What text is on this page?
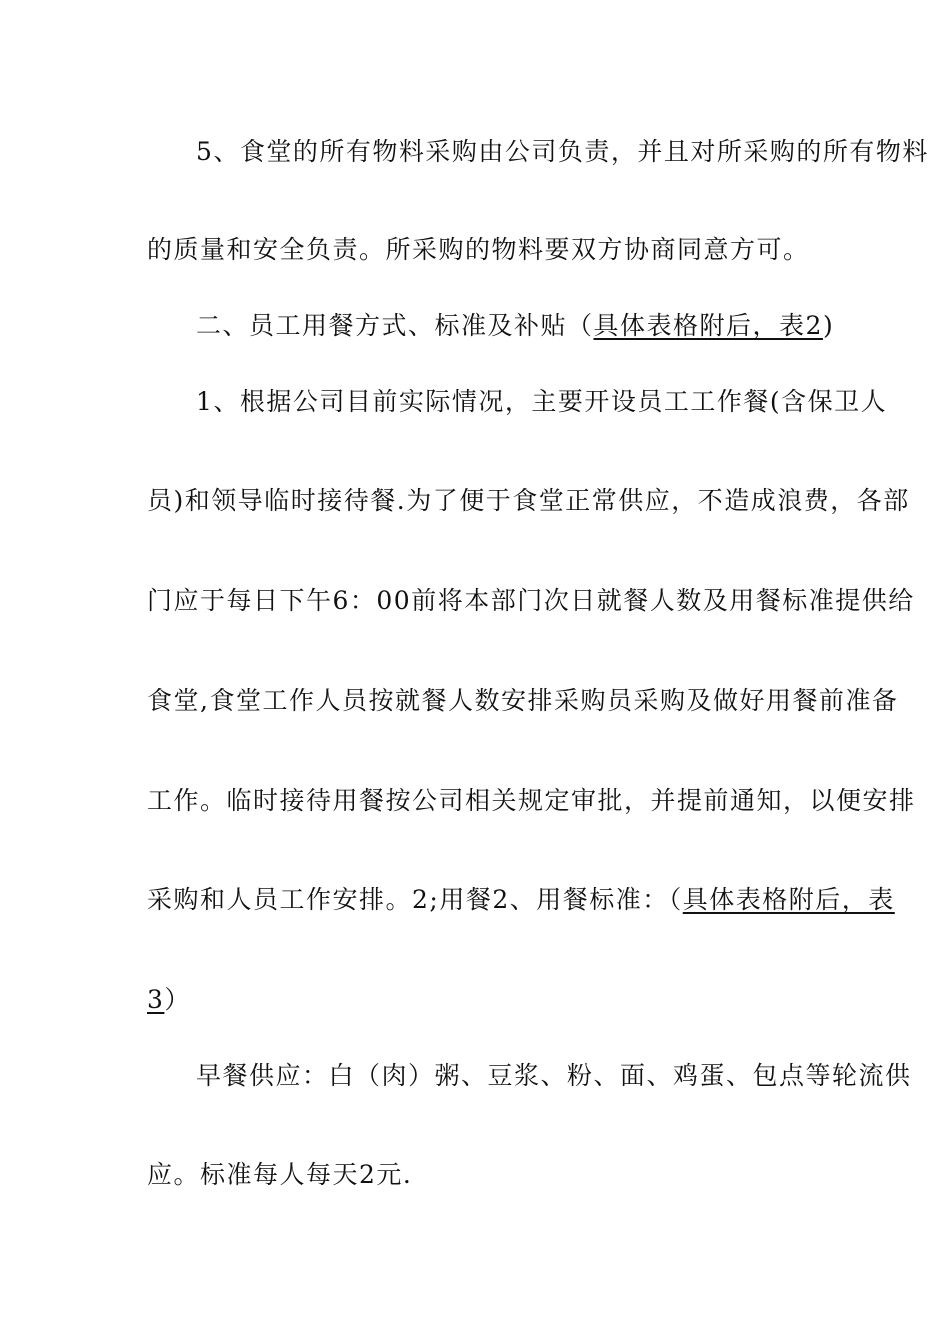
5、食堂的所有物料采购由公司负责，并且对所采购的所有物料
的质量和安全负责。所采购的物料要双方协商同意方可。
二、员工用餐方式、标准及补贴（具体表格附后，表2)
1、根据公司目前实际情况，主要开设员工工作餐(含保卫人
员)和领导临时接待餐.为了便于食堂正常供应，不造成浪费，各部
门应于每日下午6：00前将本部门次日就餐人数及用餐标准提供给
食堂,食堂工作人员按就餐人数安排采购员采购及做好用餐前准备
工作。临时接待用餐按公司相关规定审批，并提前通知，以便安排
采购和人员工作安排。2;用餐2、用餐标准：（具体表格附后，表
3）
早餐供应：白（肉）粥、豆浆、粉、面、鸡蛋、包点等轮流供
应。标准每人每天2元.
